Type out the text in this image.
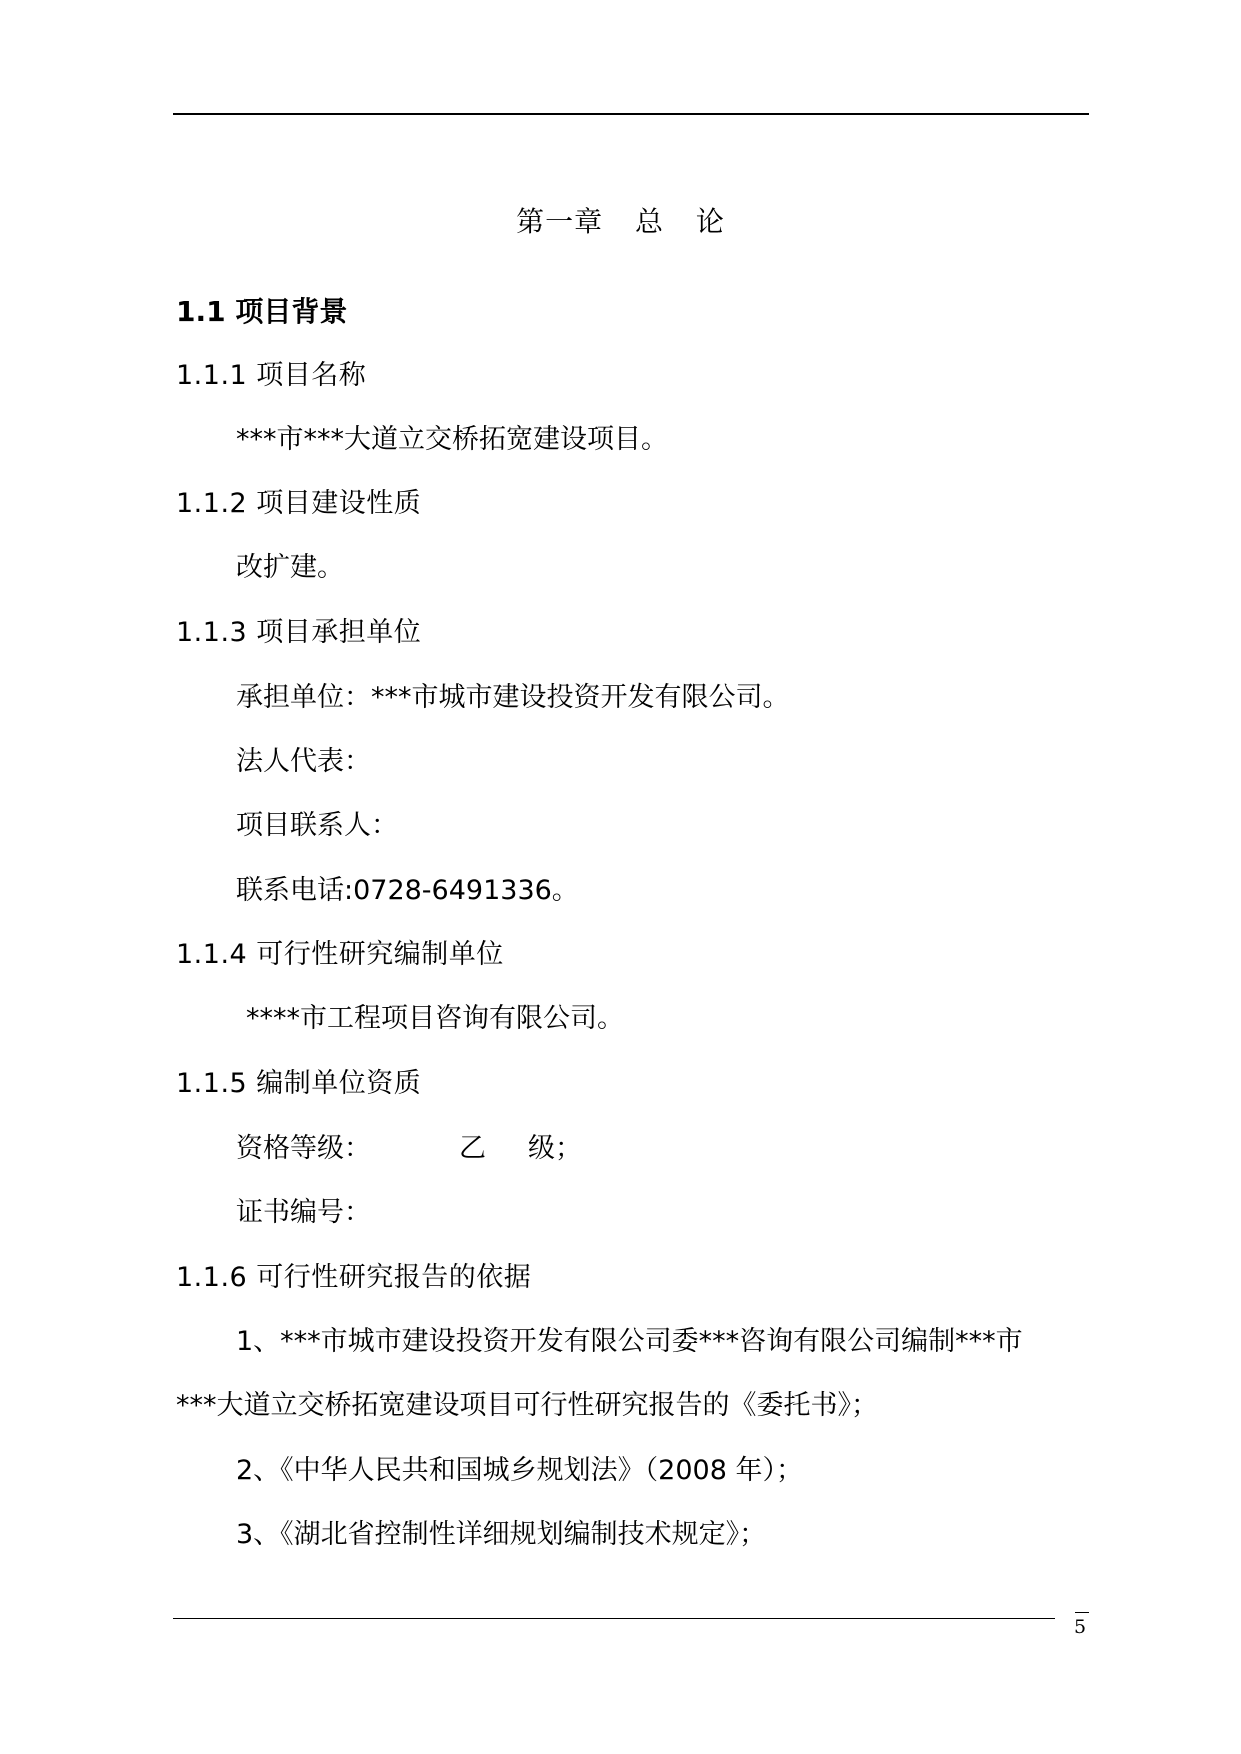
第一章 总 论
1.1 项目背景
1.1.1 项目名称
***市***大道立交桥拓宽建设项目。
1.1.2 项目建设性质
改扩建。
1.1.3 项目承担单位
承担单位：***市城市建设投资开发有限公司。
法人代表：
项目联系人：
联系电话:0728-6491336。
1.1.4 可行性研究编制单位
****市工程项目咨询有限公司。
1.1.5 编制单位资质
资格等级：	乙 级；
证书编号：
1.1.6 可行性研究报告的依据
1、***市城市建设投资开发有限公司委***咨询有限公司编制***市
***大道立交桥拓宽建设项目可行性研究报告的《委托书》；
2、《中华人民共和国城乡规划法》（2008 年）；
3、《湖北省控制性详细规划编制技术规定》；
5
